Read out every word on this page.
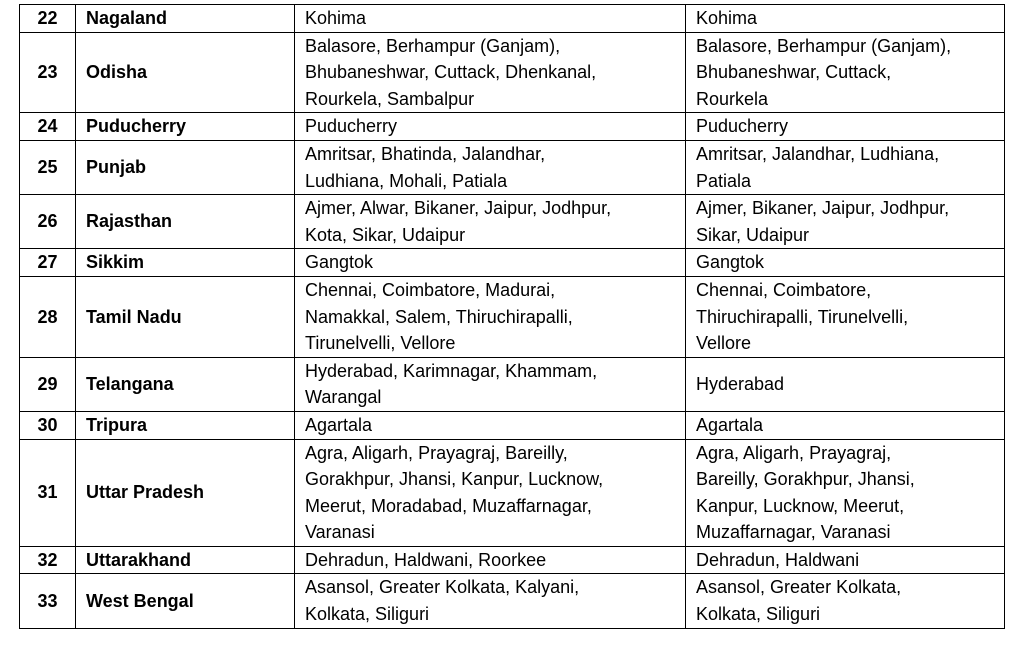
22	Nagaland	Kohima	Kohima

23	Odisha	Balasore, Berhampur (Ganjam),
Bhubaneshwar, Cuttack, Dhenkanal,
Rourkela, Sambalpur	Balasore, Berhampur (Ganjam),
Bhubaneshwar, Cuttack,
Rourkela

24	Puducherry	Puducherry	Puducherry

25	Punjab	Amritsar, Bhatinda, Jalandhar,
Ludhiana, Mohali, Patiala	Amritsar, Jalandhar, Ludhiana,
Patiala

26	Rajasthan	Ajmer, Alwar, Bikaner, Jaipur, Jodhpur,
Kota, Sikar, Udaipur	Ajmer, Bikaner, Jaipur, Jodhpur,
Sikar, Udaipur

27	Sikkim	Gangtok	Gangtok

28	Tamil Nadu	Chennai, Coimbatore, Madurai,
Namakkal, Salem, Thiruchirapalli,
Tirunelvelli, Vellore	Chennai, Coimbatore,
Thiruchirapalli, Tirunelvelli,
Vellore

29	Telangana	Hyderabad, Karimnagar, Khammam,
Warangal	Hyderabad

30	Tripura	Agartala	Agartala

31	Uttar Pradesh	Agra, Aligarh, Prayagraj, Bareilly,
Gorakhpur, Jhansi, Kanpur, Lucknow,
Meerut, Moradabad, Muzaffarnagar,
Varanasi	Agra, Aligarh, Prayagraj,
Bareilly, Gorakhpur, Jhansi,
Kanpur, Lucknow, Meerut,
Muzaffarnagar, Varanasi

32	Uttarakhand	Dehradun, Haldwani, Roorkee	Dehradun, Haldwani

33	West Bengal	Asansol, Greater Kolkata, Kalyani,
Kolkata, Siliguri	Asansol, Greater Kolkata,
Kolkata, Siliguri
